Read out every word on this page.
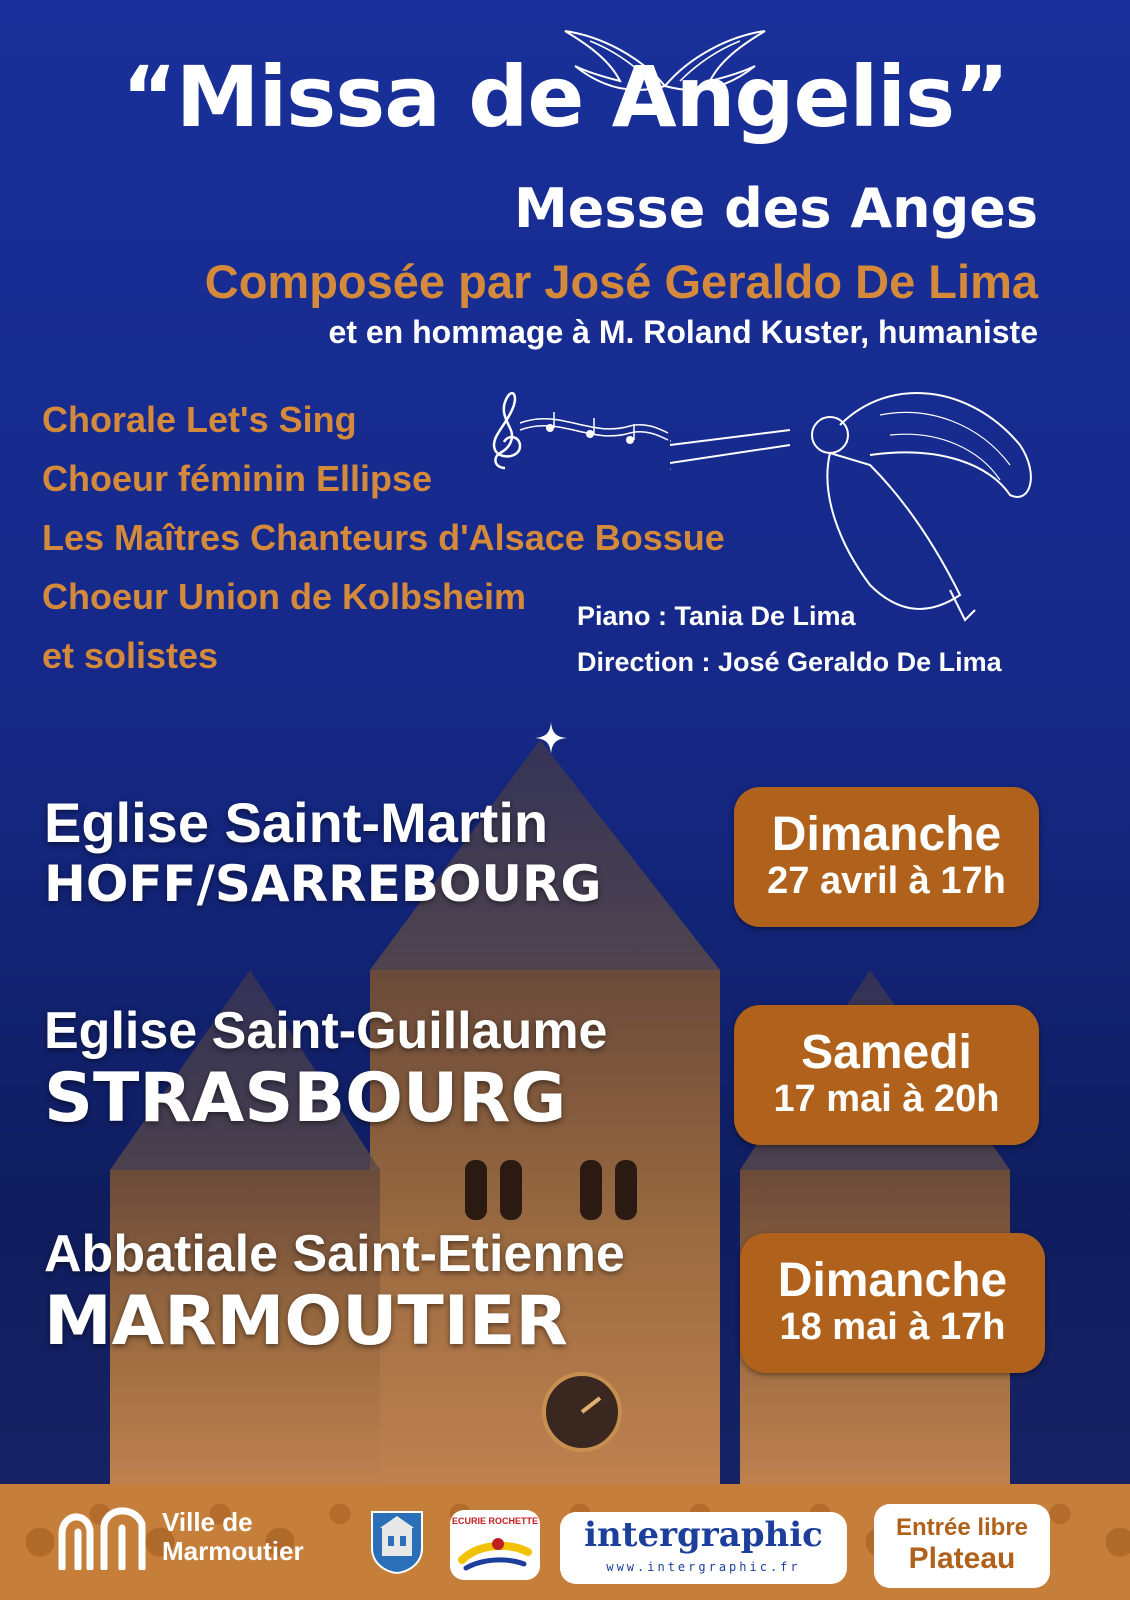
“Missa de Angelis”
Messe des Anges
Composée par José Geraldo De Lima
et en hommage à M. Roland Kuster, humaniste
Chorale Let's Sing
Choeur féminin Ellipse
Les Maîtres Chanteurs d'Alsace Bossue
Choeur Union de Kolbsheim
et solistes
Piano : Tania De Lima
Direction : José Geraldo De Lima
Eglise Saint-Martin
HOFF/SARREBOURG
Dimanche
27 avril à 17h
Eglise Saint-Guillaume
STRASBOURG
Samedi
17 mai à 20h
Abbatiale Saint-Etienne
MARMOUTIER
Dimanche
18 mai à 17h
Ville de
Marmoutier
ECURIE ROCHETTE	intergraphic
www.intergraphic.fr
Entrée libre
Plateau
